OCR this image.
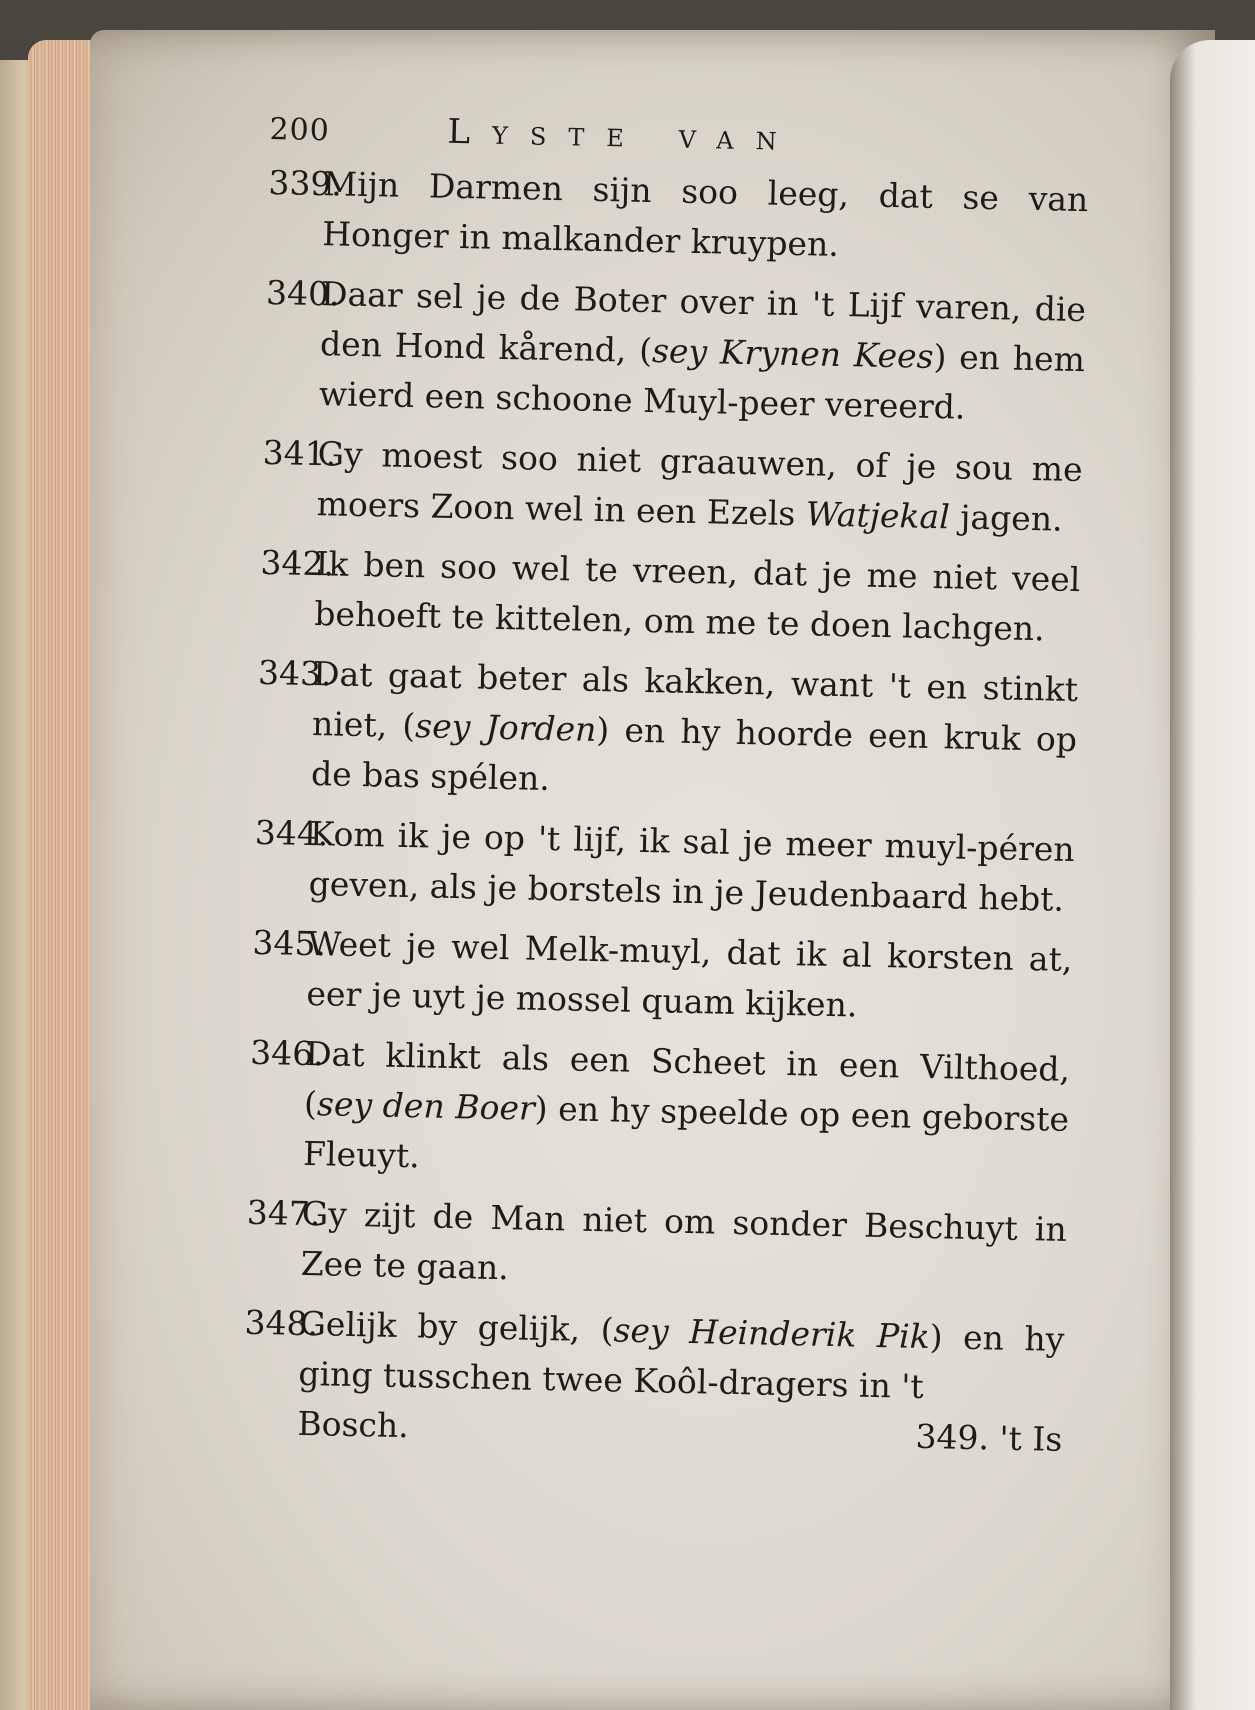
200	Lyste van
339.Mijn Darmen sijn soo leeg, dat se van Honger in malkander kruypen.
340.Daar sel je de Boter over in 't Lijf varen, die den Hond kårend, (sey Krynen Kees) en hem wierd een schoone Muyl-peer vereerd.
341.Gy moest soo niet graauwen, of je sou me moers Zoon wel in een Ezels Watjekal jagen.
342.Ik ben soo wel te vreen, dat je me niet veel behoeft te kittelen, om me te doen lachgen.
343.Dat gaat beter als kakken, want 't en stinkt niet, (sey Jorden) en hy hoorde een kruk op de bas spélen.
344.Kom ik je op 't lijf, ik sal je meer muyl-péren geven, als je borstels in je Jeudenbaard hebt.
345.Weet je wel Melk-muyl, dat ik al korsten at, eer je uyt je mossel quam kijken.
346.Dat klinkt als een Scheet in een Vilthoed, (sey den Boer) en hy speelde op een geborste Fleuyt.
347.Gy zijt de Man niet om sonder Beschuyt in Zee te gaan.
348.Gelijk by gelijk, (sey Heinderik Pik) en hy ging tusschen twee Koôl-dragers in 't
Bosch.	349. 't Is
